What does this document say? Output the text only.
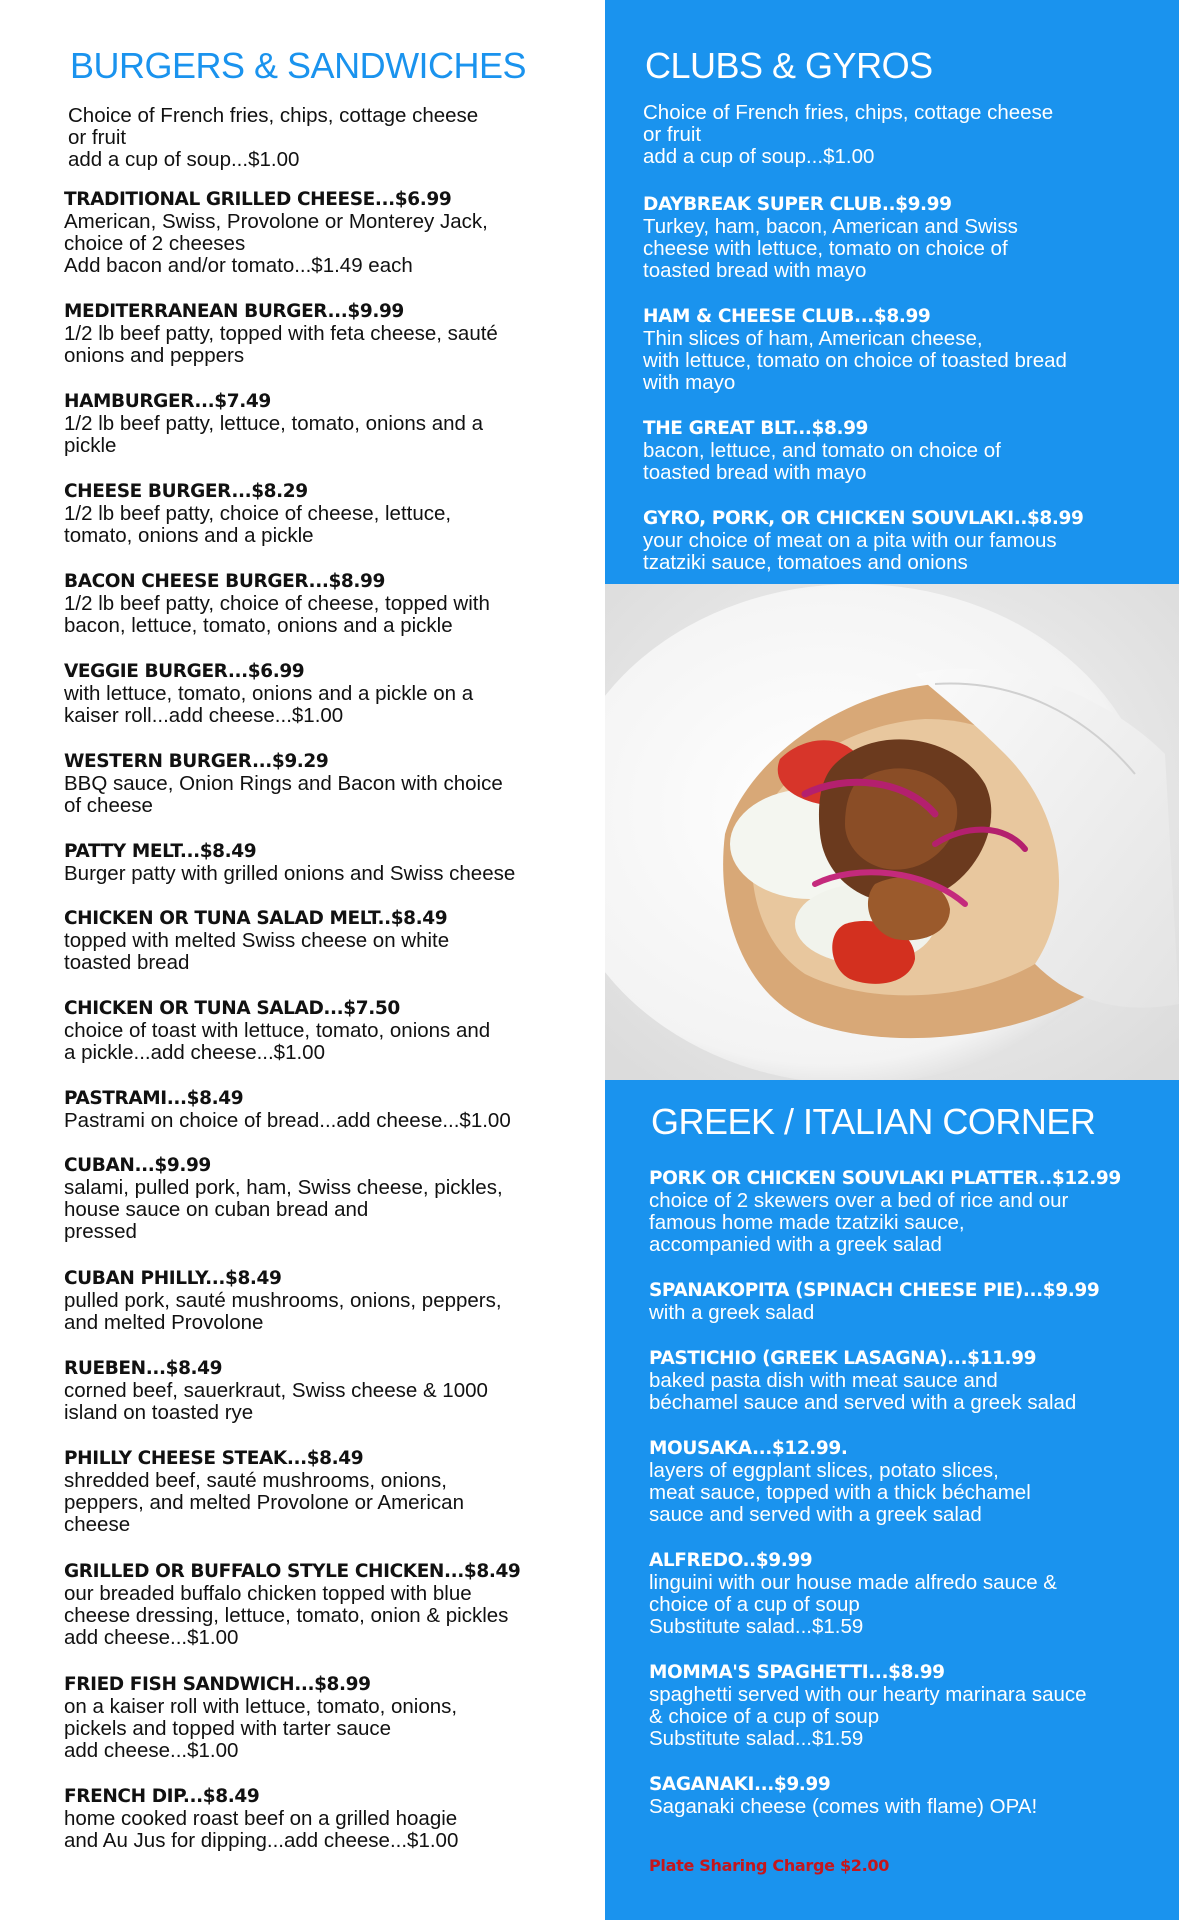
BURGERS & SANDWICHES
Choice of French fries, chips, cottage cheese
or fruit
add a cup of soup...$1.00
TRADITIONAL GRILLED CHEESE...$6.99
American, Swiss, Provolone or Monterey Jack,
choice of 2 cheeses
Add bacon and/or tomato...$1.49 each
MEDITERRANEAN BURGER...$9.99
1/2 lb beef patty, topped with feta cheese, sauté
onions and peppers
HAMBURGER...$7.49
1/2 lb beef patty, lettuce, tomato, onions and a
pickle
CHEESE BURGER...$8.29
1/2 lb beef patty, choice of cheese, lettuce,
tomato, onions and a pickle
BACON CHEESE BURGER...$8.99
1/2 lb beef patty, choice of cheese, topped with
bacon, lettuce, tomato, onions and a pickle
VEGGIE BURGER...$6.99
with lettuce, tomato, onions and a pickle on a
kaiser roll...add cheese...$1.00
WESTERN BURGER...$9.29
BBQ sauce, Onion Rings and Bacon with choice
of cheese
PATTY MELT...$8.49
Burger patty with grilled onions and Swiss cheese
CHICKEN OR TUNA SALAD MELT..$8.49
topped with melted Swiss cheese on white
toasted bread
CHICKEN OR TUNA SALAD...$7.50
choice of toast with lettuce, tomato, onions and
a pickle...add cheese...$1.00
PASTRAMI...$8.49
Pastrami on choice of bread...add cheese...$1.00
CUBAN...$9.99
salami, pulled pork, ham, Swiss cheese, pickles,
house sauce on cuban bread and
pressed
CUBAN PHILLY...$8.49
pulled pork, sauté mushrooms, onions, peppers,
and melted Provolone
RUEBEN...$8.49
corned beef, sauerkraut, Swiss cheese & 1000
island on toasted rye
PHILLY CHEESE STEAK...$8.49
shredded beef, sauté mushrooms, onions,
peppers, and melted Provolone or American
cheese
GRILLED OR BUFFALO STYLE CHICKEN...$8.49
our breaded buffalo chicken topped with blue
cheese dressing, lettuce, tomato, onion & pickles
add cheese...$1.00
FRIED FISH SANDWICH...$8.99
on a kaiser roll with lettuce, tomato, onions,
pickels and topped with tarter sauce
add cheese...$1.00
FRENCH DIP...$8.49
home cooked roast beef on a grilled hoagie
and Au Jus for dipping...add cheese...$1.00
CLUBS & GYROS
Choice of French fries, chips, cottage cheese
or fruit
add a cup of soup...$1.00
DAYBREAK SUPER CLUB..$9.99
Turkey, ham, bacon, American and Swiss
cheese with lettuce, tomato on choice of
toasted bread with mayo
HAM & CHEESE CLUB...$8.99
Thin slices of ham, American cheese,
with lettuce, tomato on choice of toasted bread
with mayo
THE GREAT BLT...$8.99
bacon, lettuce, and tomato on choice of
toasted bread with mayo
GYRO, PORK, OR CHICKEN SOUVLAKI..$8.99
your choice of meat on a pita with our famous
tzatziki sauce, tomatoes and onions
GREEK / ITALIAN CORNER
PORK OR CHICKEN SOUVLAKI PLATTER..$12.99
choice of 2 skewers over a bed of rice and our
famous home made tzatziki sauce,
accompanied with a greek salad
SPANAKOPITA (SPINACH CHEESE PIE)...$9.99
with a greek salad
PASTICHIO (GREEK LASAGNA)...$11.99
baked pasta dish with meat sauce and
béchamel sauce and served with a greek salad
MOUSAKA...$12.99.
layers of eggplant slices, potato slices,
meat sauce, topped with a thick béchamel
sauce and served with a greek salad
ALFREDO..$9.99
linguini with our house made alfredo sauce &
choice of a cup of soup
Substitute salad...$1.59
MOMMA'S SPAGHETTI...$8.99
spaghetti served with our hearty marinara sauce
& choice of a cup of soup
Substitute salad...$1.59
SAGANAKI...$9.99
Saganaki cheese (comes with flame) OPA!
Plate Sharing Charge $2.00
